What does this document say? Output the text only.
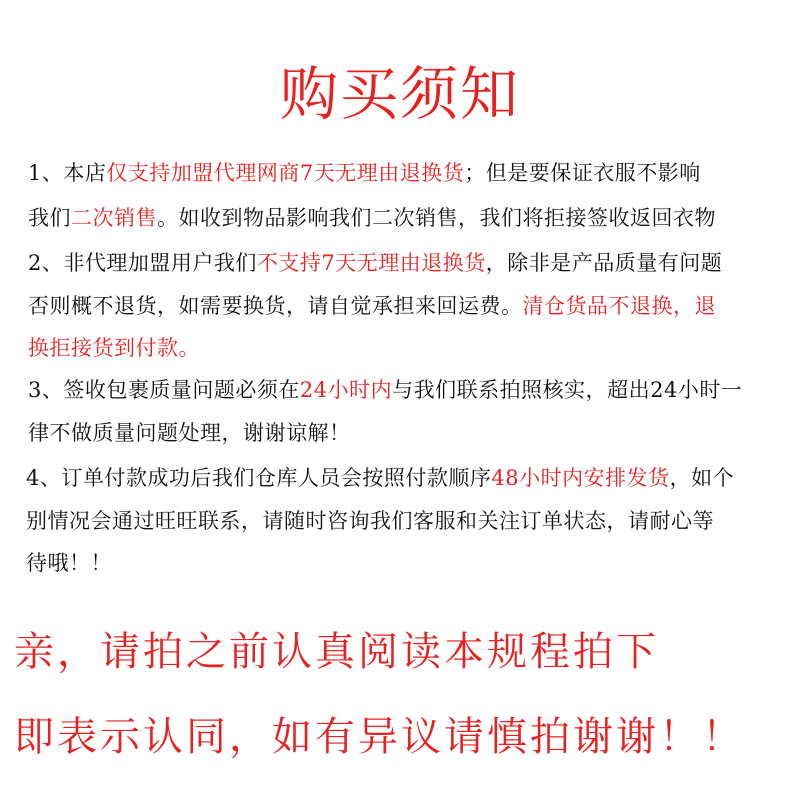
购买须知
1、本店仅支持加盟代理网商7天无理由退换货；但是要保证衣服不影响
我们二次销售。如收到物品影响我们二次销售，我们将拒接签收返回衣物
2、非代理加盟用户我们不支持7天无理由退换货，除非是产品质量有问题
否则概不退货，如需要换货，请自觉承担来回运费。清仓货品不退换，退
换拒接货到付款。
3、签收包裹质量问题必须在24小时内与我们联系拍照核实，超出24小时一
律不做质量问题处理，谢谢谅解！
4、订单付款成功后我们仓库人员会按照付款顺序48小时内安排发货，如个
别情况会通过旺旺联系，请随时咨询我们客服和关注订单状态，请耐心等
待哦！！
亲，请拍之前认真阅读本规程拍下
即表示认同，如有异议请慎拍谢谢！！
